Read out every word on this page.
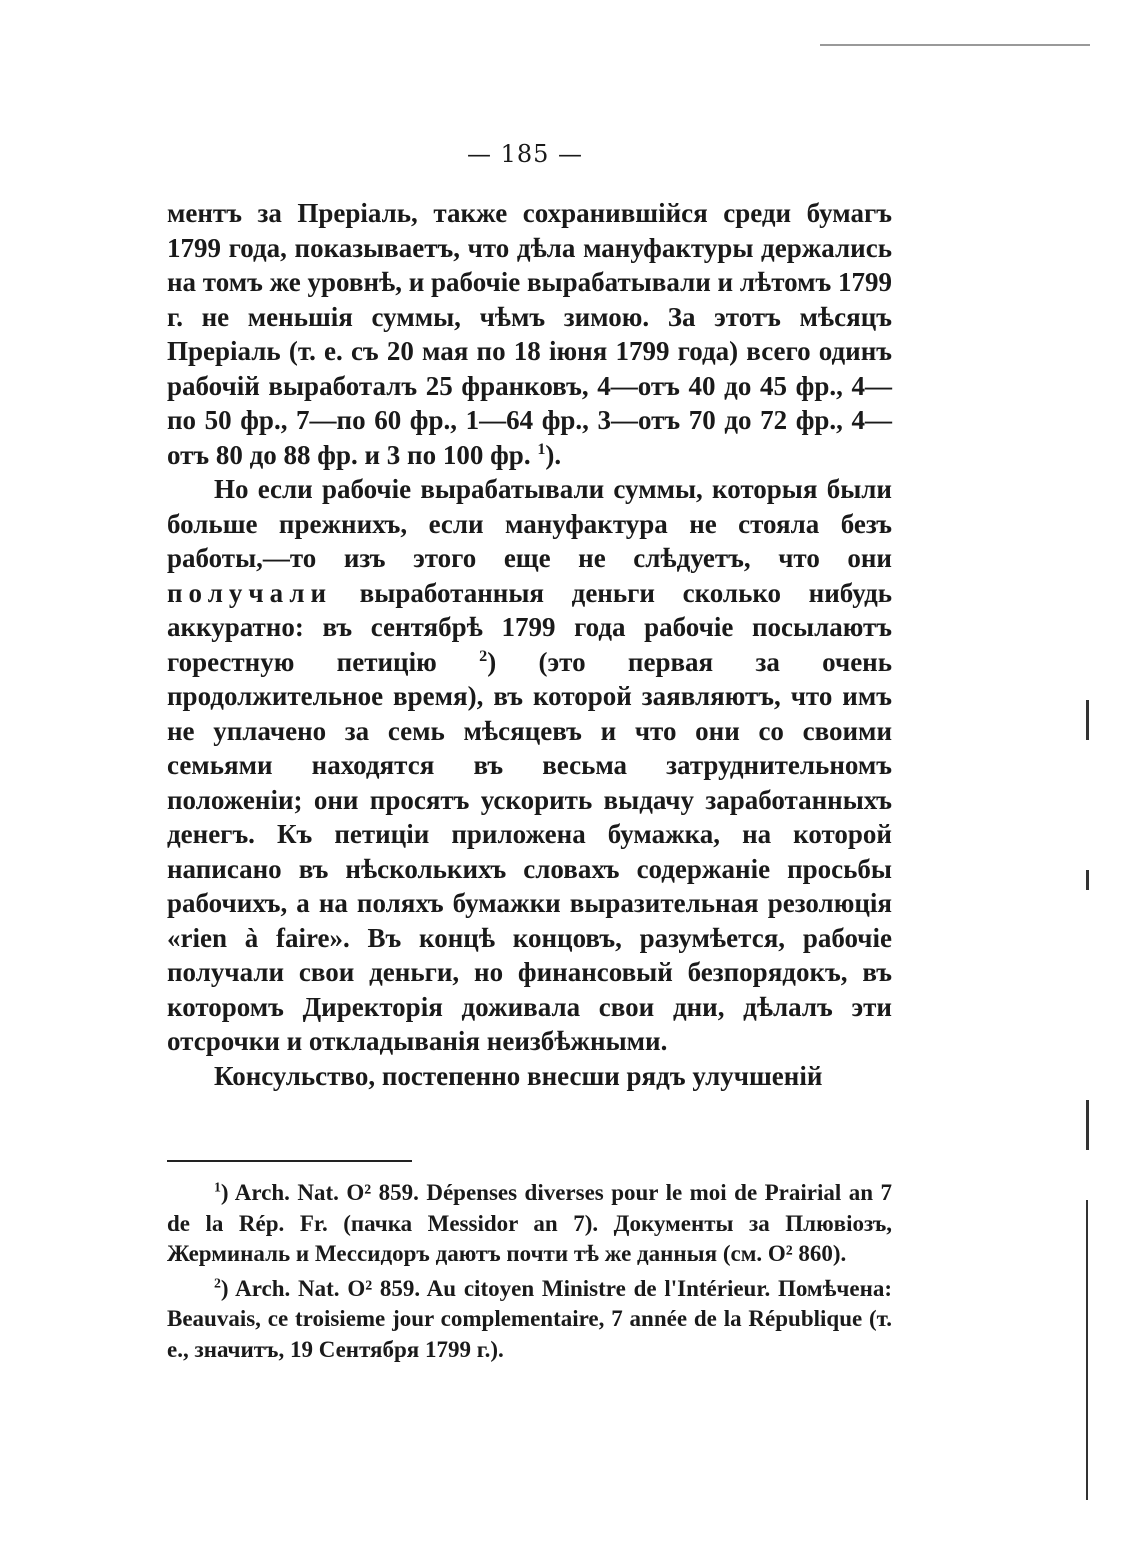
— 185 —

ментъ за Преріаль, также сохранившійся среди бумагъ 1799 года, показываетъ, что дѣла мануфактуры держались на томъ же уровнѣ, и рабочіе вырабатывали и лѣтомъ 1799 г. не меньшія суммы, чѣмъ зимою. За этотъ мѣсяцъ Преріаль (т. е. съ 20 мая по 18 іюня 1799 года) всего одинъ рабочій выработалъ 25 франковъ, 4—отъ 40 до 45 фр., 4—по 50 фр., 7—по 60 фр., 1—64 фр., 3—отъ 70 до 72 фр., 4—отъ 80 до 88 фр. и 3 по 100 фр. $^1$).

Но если рабочіе вырабатывали суммы, которыя были больше прежнихъ, если мануфактура не стояла безъ работы,—то изъ этого еще не слѣдуетъ, что они получали выработанныя деньги сколько нибудь аккуратно: въ сентябрѣ 1799 года рабочіе посылаютъ горестную петицію	$^2$) (это первая за очень продолжительное время), въ которой заявляютъ, что имъ не уплачено за семь мѣсяцевъ и что они со своими семьями находятся въ весьма затруднительномъ положеніи; они просятъ ускорить выдачу заработанныхъ денегъ. Къ петиціи приложена бумажка, на которой написано въ нѣсколькихъ словахъ содержаніе просьбы рабочихъ, а на поляхъ бумажки выразительная резолюція «rien à faire». Въ концѣ концовъ, разумѣется, рабочіе получали свои деньги, но финансовый безпорядокъ, въ которомъ Директорія доживала свои дни, дѣлалъ эти отсрочки и откладыванія неизбѣжными.

Консульство, постепенно внесши рядъ улучшеній

$^1$) Arch. Nat. O² 859. Dépenses diverses pour le moi de Prairial an 7 de la Rép. Fr. (пачка Messidor an 7). Документы за Плювіозъ, Жерминаль и Мессидоръ даютъ почти тѣ же данныя (см. O² 860).

$^2$) Arch. Nat. O² 859. Au citoyen Ministre de l'Intérieur. Помѣчена: Beauvais, ce troisieme jour complementaire, 7 année de la République (т. е., значитъ, 19 Сентября 1799 г.).
